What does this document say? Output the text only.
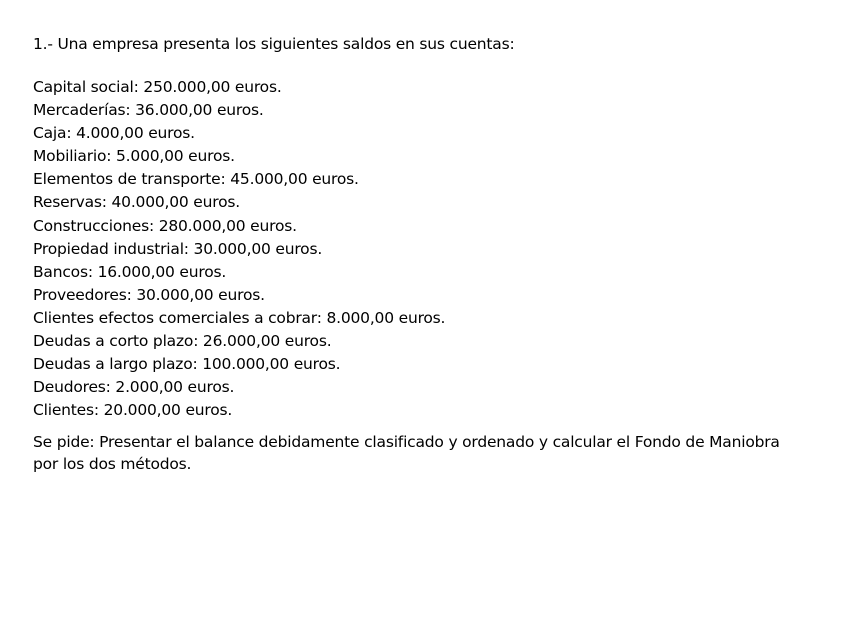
1.- Una empresa presenta los siguientes saldos en sus cuentas:

Capital social: 250.000,00 euros.
Mercaderías: 36.000,00 euros.
Caja: 4.000,00 euros.
Mobiliario: 5.000,00 euros.
Elementos de transporte: 45.000,00 euros.
Reservas: 40.000,00 euros.
Construcciones: 280.000,00 euros.
Propiedad industrial: 30.000,00 euros.
Bancos: 16.000,00 euros.
Proveedores: 30.000,00 euros.
Clientes efectos comerciales a cobrar: 8.000,00 euros.
Deudas a corto plazo: 26.000,00 euros.
Deudas a largo plazo: 100.000,00 euros.
Deudores: 2.000,00 euros.
Clientes: 20.000,00 euros.

Se pide: Presentar el balance debidamente clasificado y ordenado y calcular el Fondo de Maniobra por los dos métodos.
